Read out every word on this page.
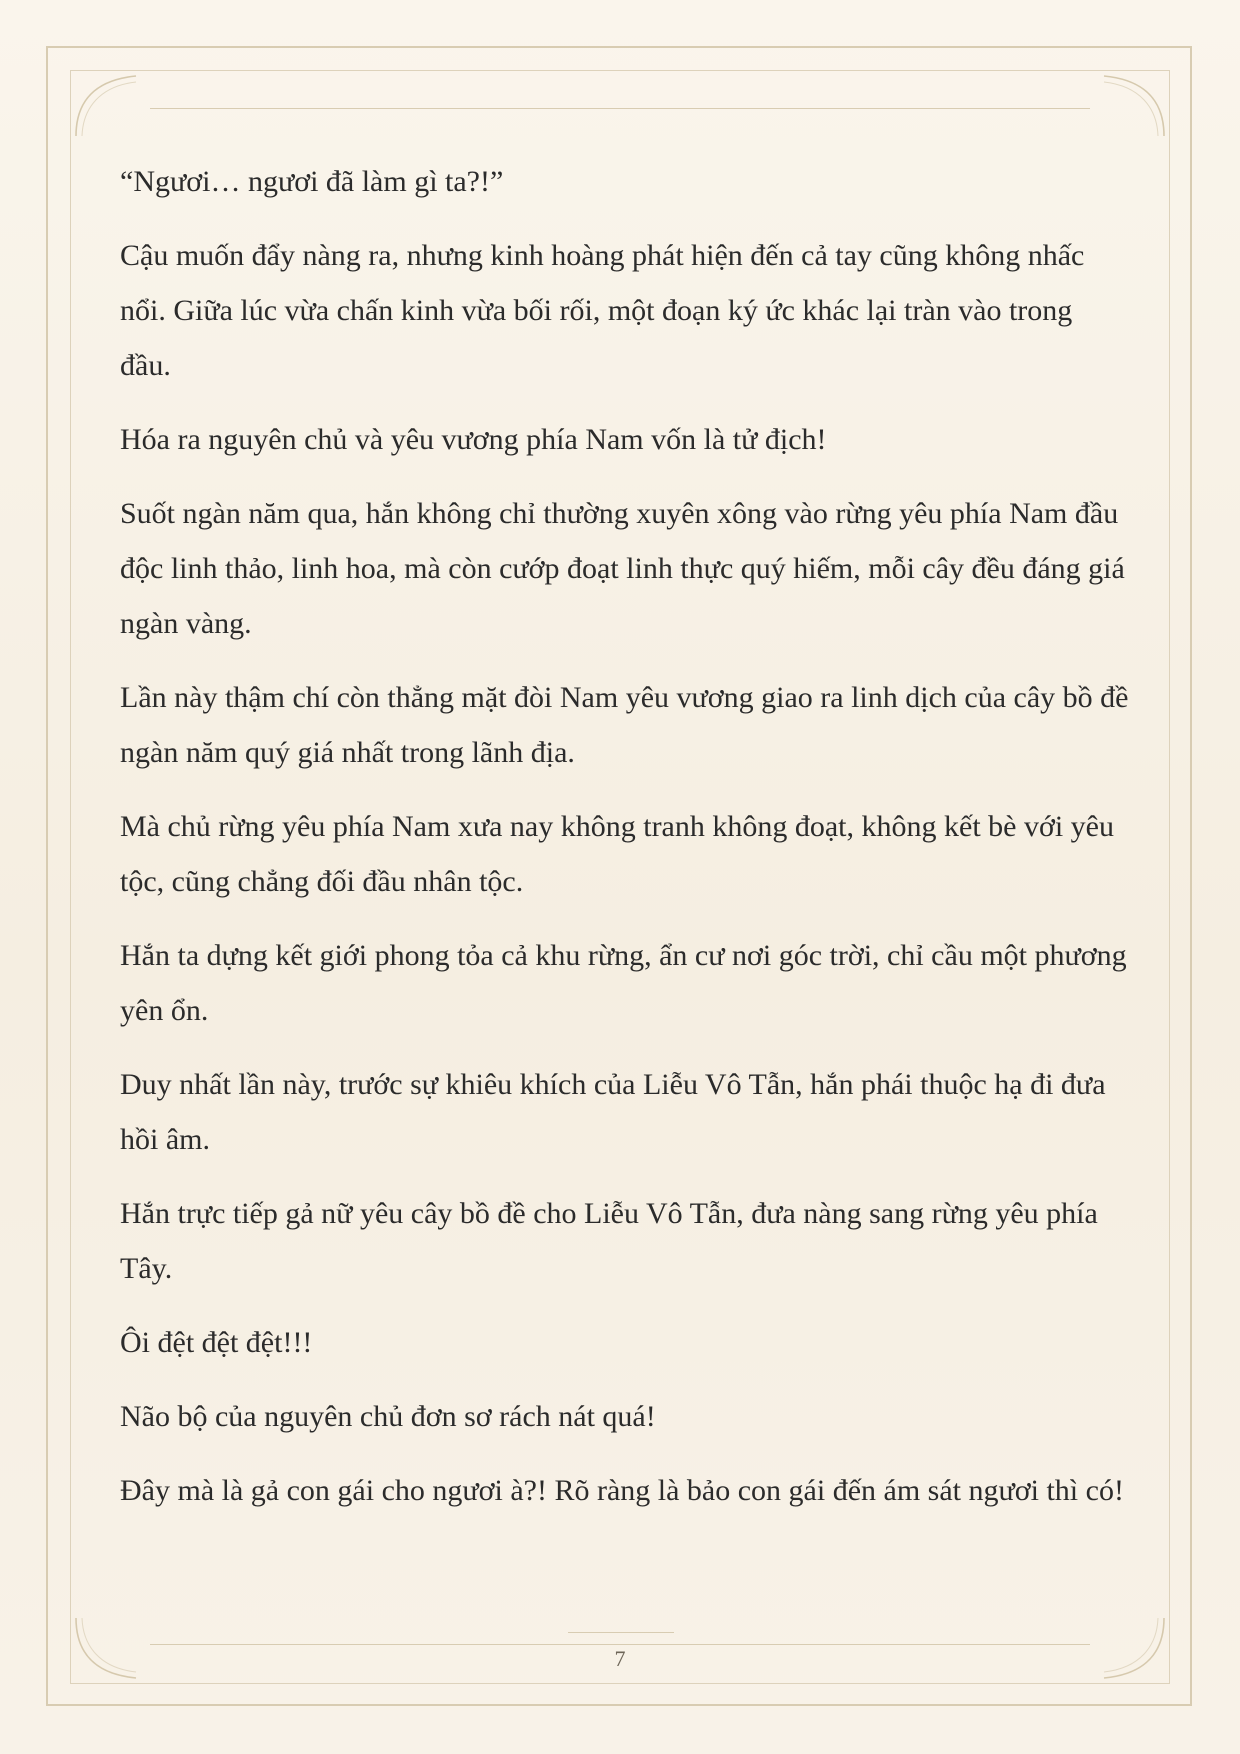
“Ngươi… ngươi đã làm gì ta?!”

Cậu muốn đẩy nàng ra, nhưng kinh hoàng phát hiện đến cả tay cũng không nhấc nổi. Giữa lúc vừa chấn kinh vừa bối rối, một đoạn ký ức khác lại tràn vào trong đầu.

Hóa ra nguyên chủ và yêu vương phía Nam vốn là tử địch!

Suốt ngàn năm qua, hắn không chỉ thường xuyên xông vào rừng yêu phía Nam đầu độc linh thảo, linh hoa, mà còn cướp đoạt linh thực quý hiếm, mỗi cây đều đáng giá ngàn vàng.

Lần này thậm chí còn thẳng mặt đòi Nam yêu vương giao ra linh dịch của cây bồ đề ngàn năm quý giá nhất trong lãnh địa.

Mà chủ rừng yêu phía Nam xưa nay không tranh không đoạt, không kết bè với yêu tộc, cũng chẳng đối đầu nhân tộc.

Hắn ta dựng kết giới phong tỏa cả khu rừng, ẩn cư nơi góc trời, chỉ cầu một phương yên ổn.

Duy nhất lần này, trước sự khiêu khích của Liễu Vô Tẫn, hắn phái thuộc hạ đi đưa hồi âm.

Hắn trực tiếp gả nữ yêu cây bồ đề cho Liễu Vô Tẫn, đưa nàng sang rừng yêu phía Tây.

Ôi đệt đệt đệt!!!

Não bộ của nguyên chủ đơn sơ rách nát quá!

Đây mà là gả con gái cho ngươi à?! Rõ ràng là bảo con gái đến ám sát ngươi thì có!

7
